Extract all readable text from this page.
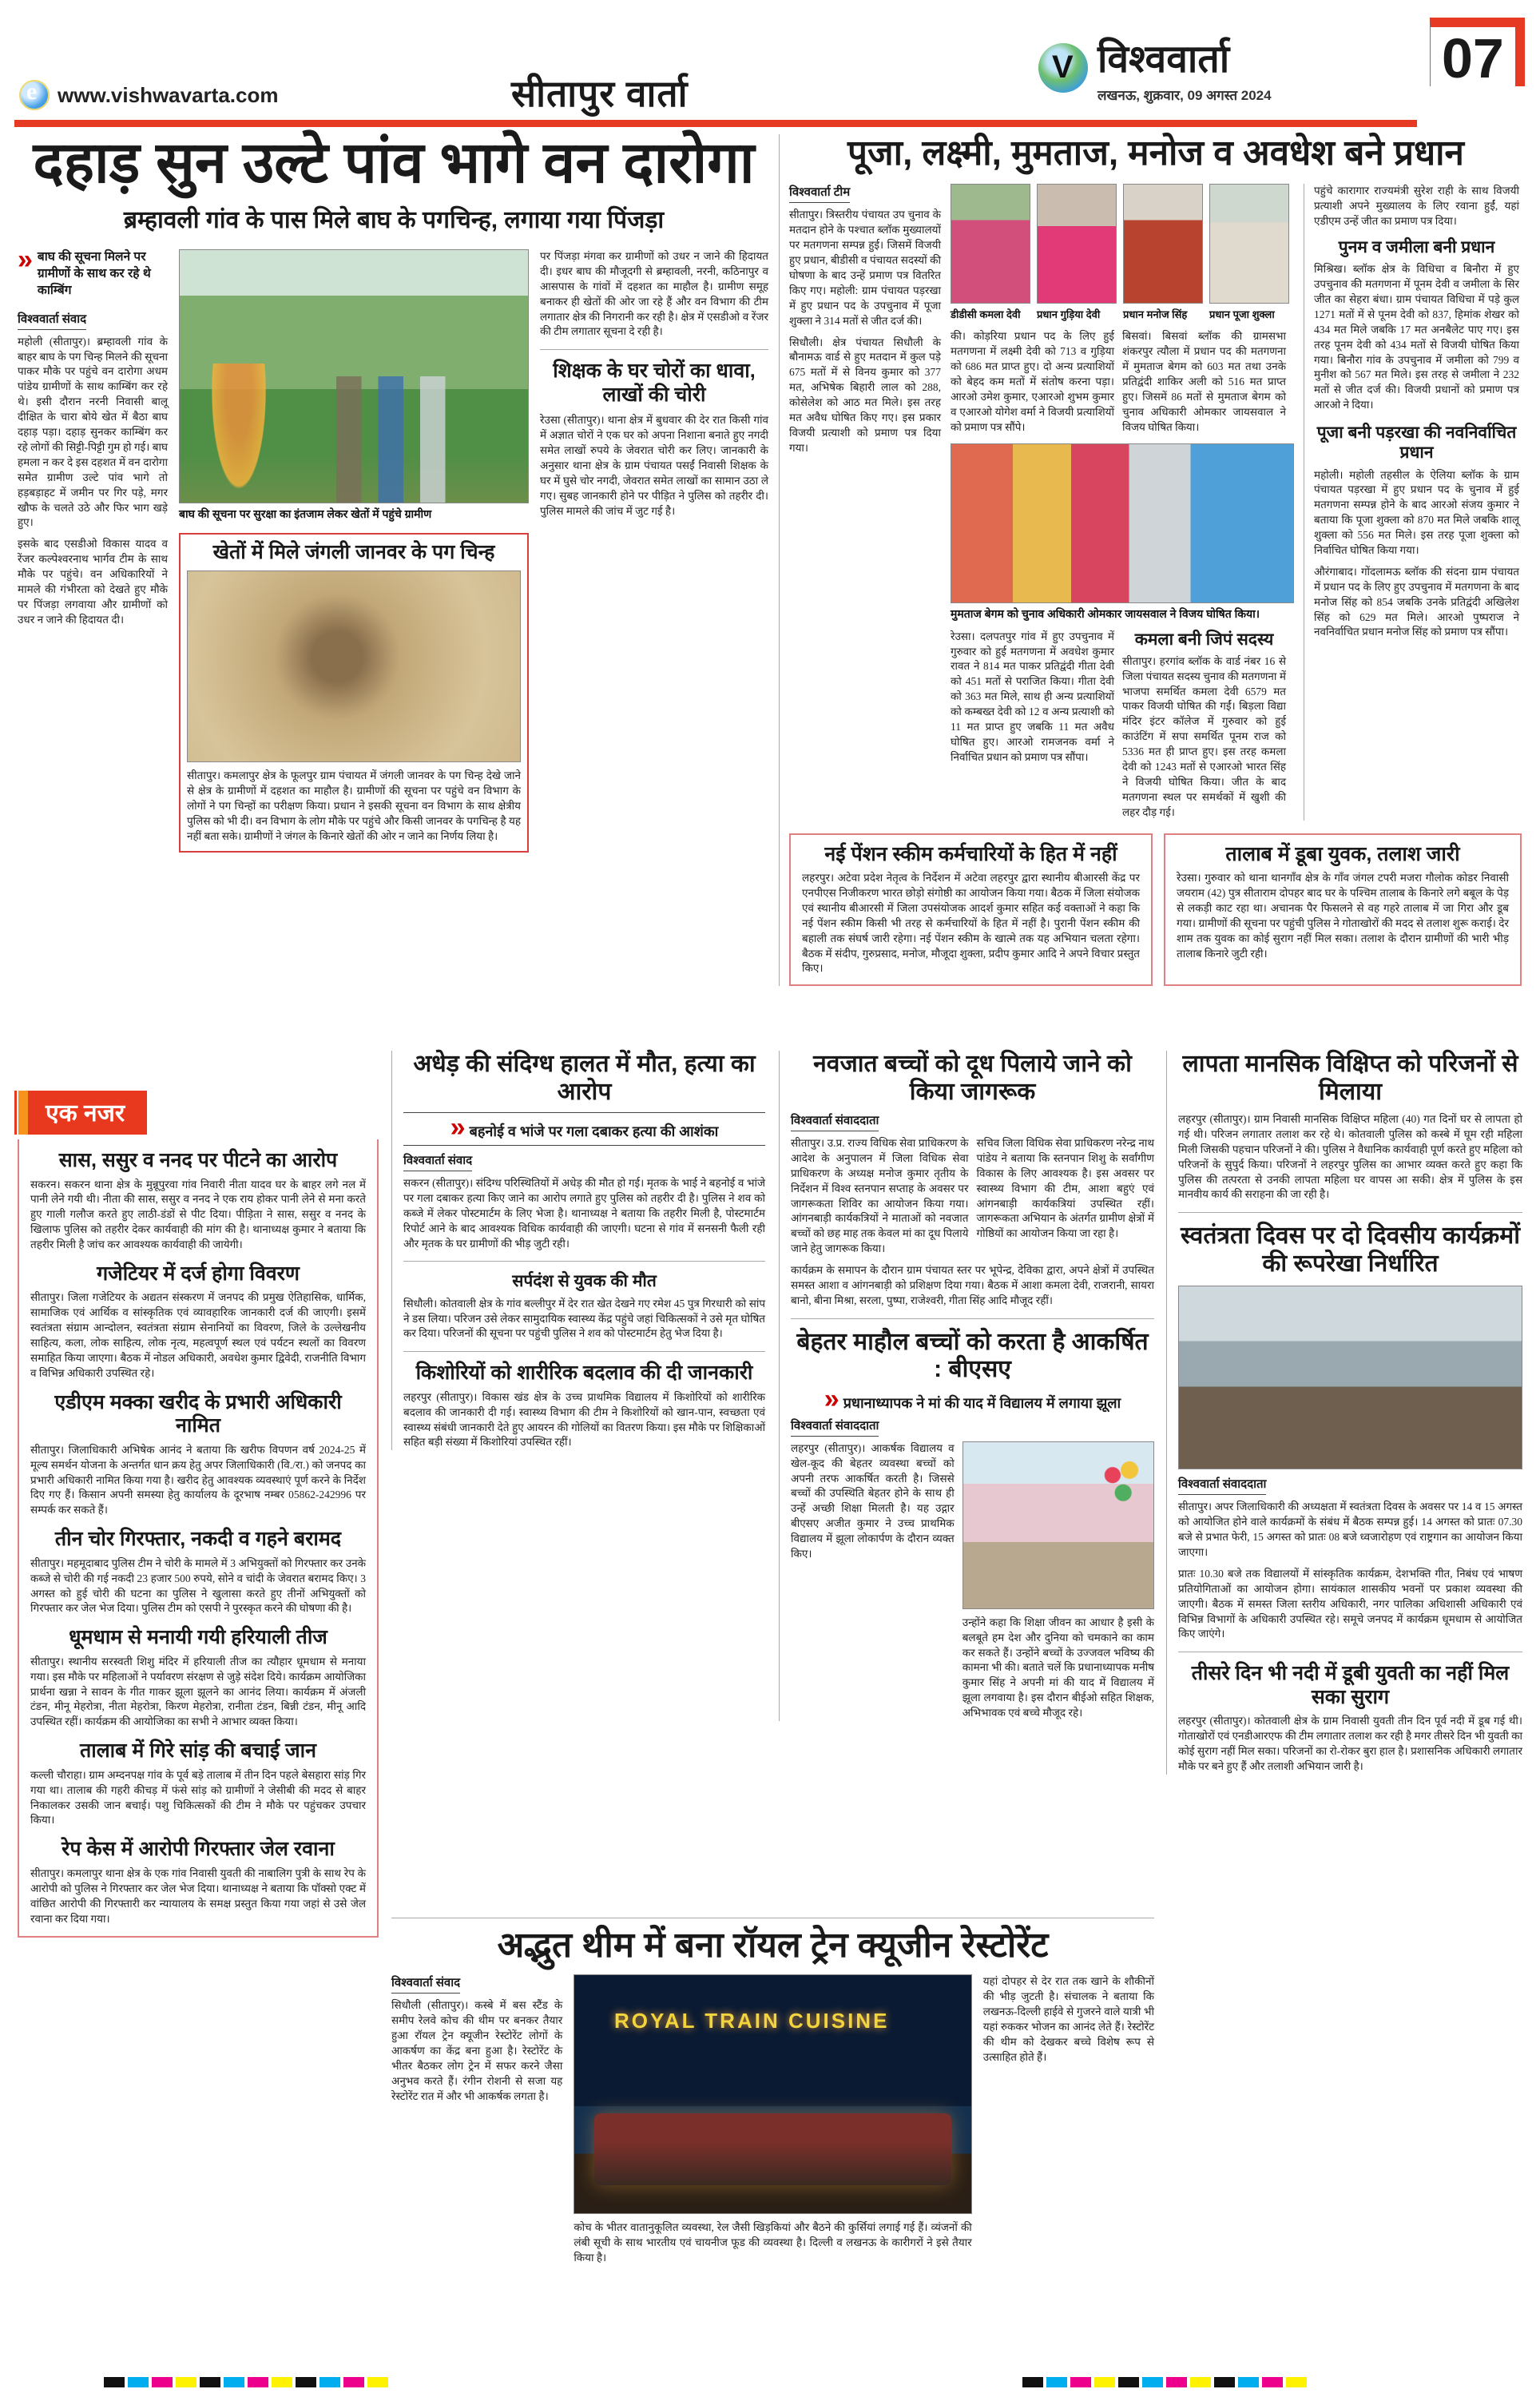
e
www.vishwavarta.com	सीतापुर वार्ता
V
विश्ववार्ता
लखनऊ, शुक्रवार, 09 अगस्त 2024
07
दहाड़ सुन उल्टे पांव भागे वन दारोगा
ब्रम्हावली गांव के पास मिले बाघ के पगचिन्ह, लगाया गया पिंजड़ा
» बाघ की सूचना मिलने पर ग्रामीणों के साथ कर रहे थे काम्बिंग
विश्ववार्ता संवाद
महोली (सीतापुर)। ब्रम्हावली गांव के बाहर बाघ के पग चिन्ह मिलने की सूचना पाकर मौके पर पहुंचे वन दारोगा अधम पांडेय ग्रामीणों के साथ काम्बिंग कर रहे थे। इसी दौरान नरनी निवासी बालू दीक्षित के चारा बोये खेत में बैठा बाघ दहाड़ पड़ा। दहाड़ सुनकर काम्बिंग कर रहे लोगों की सिट्टी-पिट्टी गुम हो गई। बाघ हमला न कर दे इस दहशत में वन दारोगा समेत ग्रामीण उल्टे पांव भागे तो हड़बड़ाहट में जमीन पर गिर पड़े, मगर खौफ के चलते उठे और फिर भाग खड़े हुए।
इसके बाद एसडीओ विकास यादव व रेंजर कल्पेश्वरनाथ भार्गव टीम के साथ मौके पर पहुंचे। वन अधिकारियों ने मामले की गंभीरता को देखते हुए मौके पर पिंजड़ा लगवाया और ग्रामीणों को उधर न जाने की हिदायत दी।
बाघ की सूचना पर सुरक्षा का इंतजाम लेकर खेतों में पहुंचे ग्रामीण
खेतों में मिले जंगली जानवर के पग चिन्ह
सीतापुर। कमलापुर क्षेत्र के फूलपुर ग्राम पंचायत में जंगली जानवर के पग चिन्ह देखे जाने से क्षेत्र के ग्रामीणों में दहशत का माहौल है। ग्रामीणों की सूचना पर पहुंचे वन विभाग के लोगों ने पग चिन्हों का परीक्षण किया। प्रधान ने इसकी सूचना वन विभाग के साथ क्षेत्रीय पुलिस को भी दी। वन विभाग के लोग मौके पर पहुंचे और किसी जानवर के पगचिन्ह है यह नहीं बता सके। ग्रामीणों ने जंगल के किनारे खेतों की ओर न जाने का निर्णय लिया है।
पर पिंजड़ा मंगवा कर ग्रामीणों को उधर न जाने की हिदायत दी। इधर बाघ की मौजूदगी से ब्रम्हावली, नरनी, कठिनापुर व आसपास के गांवों में दहशत का माहौल है। ग्रामीण समूह बनाकर ही खेतों की ओर जा रहे हैं और वन विभाग की टीम लगातार क्षेत्र की निगरानी कर रही है। क्षेत्र में एसडीओ व रेंजर की टीम लगातार सूचना दे रही है।
शिक्षक के घर चोरों का धावा, लाखों की चोरी
रेउसा (सीतापुर)। थाना क्षेत्र में बुधवार की देर रात किसी गांव में अज्ञात चोरों ने एक घर को अपना निशाना बनाते हुए नगदी समेत लाखों रुपये के जेवरात चोरी कर लिए। जानकारी के अनुसार थाना क्षेत्र के ग्राम पंचायत पसईं निवासी शिक्षक के घर में घुसे चोर नगदी, जेवरात समेत लाखों का सामान उठा ले गए। सुबह जानकारी होने पर पीड़ित ने पुलिस को तहरीर दी। पुलिस मामले की जांच में जुट गई है।
पूजा, लक्ष्मी, मुमताज, मनोज व अवधेश बने प्रधान
विश्ववार्ता टीम
सीतापुर। त्रिस्तरीय पंचायत उप चुनाव के मतदान होने के पश्चात ब्लॉक मुख्यालयों पर मतगणना सम्पन्न हुई। जिसमें विजयी हुए प्रधान, बीडीसी व पंचायत सदस्यों की घोषणा के बाद उन्हें प्रमाण पत्र वितरित किए गए। महोली: ग्राम पंचायत पड़रखा में हुए प्रधान पद के उपचुनाव में पूजा शुक्ला ने 314 मतों से जीत दर्ज की।
सिधौली। क्षेत्र पंचायत सिधौली के बौनामऊ वार्ड से हुए मतदान में कुल पड़े 675 मतों में से विनय कुमार को 377 मत, अभिषेक बिहारी लाल को 288, कोसेलेश को आठ मत मिले। इस तरह मत अवैध घोषित किए गए। इस प्रकार विजयी प्रत्याशी को प्रमाण पत्र दिया गया।
डीडीसी कमला देवी	प्रधान गुड़िया देवी	प्रधान मनोज सिंह	प्रधान पूजा शुक्ला
की। कोड़रिया प्रधान पद के लिए हुई मतगणना में लक्ष्मी देवी को 713 व गुड़िया को 686 मत प्राप्त हुए। दो अन्य प्रत्याशियों को बेहद कम मतों में संतोष करना पड़ा। आरओ उमेश कुमार, एआरओ शुभम कुमार व एआरओ योगेश वर्मा ने विजयी प्रत्याशियों को प्रमाण पत्र सौंपे।
बिसवां। बिसवां ब्लॉक की ग्रामसभा शंकरपुर त्यौला में प्रधान पद की मतगणना में मुमताज बेगम को 603 मत तथा उनके प्रतिद्वंदी शाकिर अली को 516 मत प्राप्त हुए। जिसमें 86 मतों से मुमताज बेगम को चुनाव अधिकारी ओमकार जायसवाल ने विजय घोषित किया।
मुमताज बेगम को चुनाव अधिकारी ओमकार जायसवाल ने विजय घोषित किया।
रेउसा। दलपतपुर गांव में हुए उपचुनाव में गुरुवार को हुई मतगणना में अवधेश कुमार रावत ने 814 मत पाकर प्रतिद्वंदी गीता देवी को 451 मतों से पराजित किया। गीता देवी को 363 मत मिले, साथ ही अन्य प्रत्याशियों को कम्बख्त देवी को 12 व अन्य प्रत्याशी को 11 मत प्राप्त हुए जबकि 11 मत अवैध घोषित हुए। आरओ रामजनक वर्मा ने निर्वाचित प्रधान को प्रमाण पत्र सौंपा।
कमला बनी जिपं सदस्य
सीतापुर। हरगांव ब्लॉक के वार्ड नंबर 16 से जिला पंचायत सदस्य चुनाव की मतगणना में भाजपा समर्थित कमला देवी 6579 मत पाकर विजयी घोषित की गईं। बिड़ला विद्या मंदिर इंटर कॉलेज में गुरुवार को हुई काउंटिंग में सपा समर्थित पूनम राज को 5336 मत ही प्राप्त हुए। इस तरह कमला देवी को 1243 मतों से एआरओ भारत सिंह ने विजयी घोषित किया। जीत के बाद मतगणना स्थल पर समर्थकों में खुशी की लहर दौड़ गई।
पहुंचे कारागार राज्यमंत्री सुरेश राही के साथ विजयी प्रत्याशी अपने मुख्यालय के लिए रवाना हुईं, यहां एडीएम उन्हें जीत का प्रमाण पत्र दिया।
पुनम व जमीला बनी प्रधान
मिश्रिख। ब्लॉक क्षेत्र के विधिचा व बिनौरा में हुए उपचुनाव की मतगणना में पूनम देवी व जमीला के सिर जीत का सेहरा बंधा। ग्राम पंचायत विधिचा में पड़े कुल 1271 मतों में से पूनम देवी को 837, हिमांक शेखर को 434 मत मिले जबकि 17 मत अनबैलेट पाए गए। इस तरह पूनम देवी को 434 मतों से विजयी घोषित किया गया। बिनौरा गांव के उपचुनाव में जमीला को 799 व मुनीश को 567 मत मिले। इस तरह से जमीला ने 232 मतों से जीत दर्ज की। विजयी प्रधानों को प्रमाण पत्र आरओ ने दिया।
पूजा बनी पड़रखा की नवनिर्वाचित प्रधान
महोली। महोली तहसील के ऐलिया ब्लॉक के ग्राम पंचायत पड़रखा में हुए प्रधान पद के चुनाव में हुई मतगणना सम्पन्न होने के बाद आरओ संजय कुमार ने बताया कि पूजा शुक्ला को 870 मत मिले जबकि शालू शुक्ला को 556 मत मिले। इस तरह पूजा शुक्ला को निर्वाचित घोषित किया गया।
औरंगाबाद। गोंदलामऊ ब्लॉक की संदना ग्राम पंचायत में प्रधान पद के लिए हुए उपचुनाव में मतगणना के बाद मनोज सिंह को 854 जबकि उनके प्रतिद्वंदी अखिलेश सिंह को 629 मत मिले। आरओ पुष्पराज ने नवनिर्वाचित प्रधान मनोज सिंह को प्रमाण पत्र सौंपा।
नई पेंशन स्कीम कर्मचारियों के हित में नहीं
लहरपुर। अटेवा प्रदेश नेतृत्व के निर्देशन में अटेवा लहरपुर द्वारा स्थानीय बीआरसी केंद्र पर एनपीएस निजीकरण भारत छोड़ो संगोष्ठी का आयोजन किया गया। बैठक में जिला संयोजक एवं स्थानीय बीआरसी में जिला उपसंयोजक आदर्श कुमार सहित कई वक्ताओं ने कहा कि नई पेंशन स्कीम किसी भी तरह से कर्मचारियों के हित में नहीं है। पुरानी पेंशन स्कीम की बहाली तक संघर्ष जारी रहेगा। नई पेंशन स्कीम के खात्मे तक यह अभियान चलता रहेगा। बैठक में संदीप, गुरुप्रसाद, मनोज, मौजूदा शुक्ला, प्रदीप कुमार आदि ने अपने विचार प्रस्तुत किए।
तालाब में डूबा युवक, तलाश जारी
रेउसा। गुरुवार को थाना थानगाँव क्षेत्र के गाँव जंगल टपरी मजरा गौलोक कोडर निवासी जयराम (42) पुत्र सीताराम दोपहर बाद घर के पश्चिम तालाब के किनारे लगे बबूल के पेड़ से लकड़ी काट रहा था। अचानक पैर फिसलने से वह गहरे तालाब में जा गिरा और डूब गया। ग्रामीणों की सूचना पर पहुंची पुलिस ने गोताखोरों की मदद से तलाश शुरू कराई। देर शाम तक युवक का कोई सुराग नहीं मिल सका। तलाश के दौरान ग्रामीणों की भारी भीड़ तालाब किनारे जुटी रही।
एक नजर
सास, ससुर व ननद पर पीटने का आरोप
सकरन। सकरन थाना क्षेत्र के मुन्नूपुरवा गांव निवारी नीता यादव घर के बाहर लगे नल में पानी लेने गयी थी। नीता की सास, ससुर व ननद ने एक राय होकर पानी लेने से मना करते हुए गाली गलौज करते हुए लाठी-डंडों से पीट दिया। पीड़िता ने सास, ससुर व ननद के खिलाफ पुलिस को तहरीर देकर कार्यवाही की मांग की है। थानाध्यक्ष कुमार ने बताया कि तहरीर मिली है जांच कर आवश्यक कार्यवाही की जायेगी।
गजेटियर में दर्ज होगा विवरण
सीतापुर। जिला गजेटियर के अद्यतन संस्करण में जनपद की प्रमुख ऐतिहासिक, धार्मिक, सामाजिक एवं आर्थिक व सांस्कृतिक एवं व्यावहारिक जानकारी दर्ज की जाएगी। इसमें स्वतंत्रता संग्राम आन्दोलन, स्वतंत्रता संग्राम सेनानियों का विवरण, जिले के उल्लेखनीय साहित्य, कला, लोक साहित्य, लोक नृत्य, महत्वपूर्ण स्थल एवं पर्यटन स्थलों का विवरण समाहित किया जाएगा। बैठक में नोडल अधिकारी, अवधेश कुमार द्विवेदी, राजनीति विभाग व विभिन्न अधिकारी उपस्थित रहे।
एडीएम मक्का खरीद के प्रभारी अधिकारी नामित
सीतापुर। जिलाधिकारी अभिषेक आनंद ने बताया कि खरीफ विपणन वर्ष 2024-25 में मूल्य समर्थन योजना के अन्तर्गत धान क्रय हेतु अपर जिलाधिकारी (वि./रा.) को जनपद का प्रभारी अधिकारी नामित किया गया है। खरीद हेतु आवश्यक व्यवस्थाएं पूर्ण करने के निर्देश दिए गए हैं। किसान अपनी समस्या हेतु कार्यालय के दूरभाष नम्बर 05862-242996 पर सम्पर्क कर सकते हैं।
तीन चोर गिरफ्तार, नकदी व गहने बरामद
सीतापुर। महमूदाबाद पुलिस टीम ने चोरी के मामले में 3 अभियुक्तों को गिरफ्तार कर उनके कब्जे से चोरी की गई नकदी 23 हजार 500 रुपये, सोने व चांदी के जेवरात बरामद किए। 3 अगस्त को हुई चोरी की घटना का पुलिस ने खुलासा करते हुए तीनों अभियुक्तों को गिरफ्तार कर जेल भेज दिया। पुलिस टीम को एसपी ने पुरस्कृत करने की घोषणा की है।
धूमधाम से मनायी गयी हरियाली तीज
सीतापुर। स्थानीय सरस्वती शिशु मंदिर में हरियाली तीज का त्यौहार धूमधाम से मनाया गया। इस मौके पर महिलाओं ने पर्यावरण संरक्षण से जुड़े संदेश दिये। कार्यक्रम आयोजिका प्रार्थना खन्ना ने सावन के गीत गाकर झूला झूलने का आनंद लिया। कार्यक्रम में अंजली टंडन, मीनू मेहरोत्रा, नीता मेहरोत्रा, किरण मेहरोत्रा, रानीता टंडन, बिन्नी टंडन, मीनू आदि उपस्थित रहीं। कार्यक्रम की आयोजिका का सभी ने आभार व्यक्त किया।
तालाब में गिरे सांड़ की बचाई जान
कल्ली चौराहा। ग्राम अम्दनपक्ष गांव के पूर्व बड़े तालाब में तीन दिन पहले बेसहारा सांड़ गिर गया था। तालाब की गहरी कीचड़ में फंसे सांड़ को ग्रामीणों ने जेसीबी की मदद से बाहर निकालकर उसकी जान बचाई। पशु चिकित्सकों की टीम ने मौके पर पहुंचकर उपचार किया।
रेप केस में आरोपी गिरफ्तार जेल रवाना
सीतापुर। कमलापुर थाना क्षेत्र के एक गांव निवासी युवती की नाबालिग पुत्री के साथ रेप के आरोपी को पुलिस ने गिरफ्तार कर जेल भेज दिया। थानाध्यक्ष ने बताया कि पॉक्सो एक्ट में वांछित आरोपी की गिरफ्तारी कर न्यायालय के समक्ष प्रस्तुत किया गया जहां से उसे जेल रवाना कर दिया गया।
अधेड़ की संदिग्ध हालत में मौत, हत्या का आरोप
» बहनोई व भांजे पर गला दबाकर हत्या की आशंका
विश्ववार्ता संवाद
सकरन (सीतापुर)। संदिग्ध परिस्थितियों में अधेड़ की मौत हो गई। मृतक के भाई ने बहनोई व भांजे पर गला दबाकर हत्या किए जाने का आरोप लगाते हुए पुलिस को तहरीर दी है। पुलिस ने शव को कब्जे में लेकर पोस्टमार्टम के लिए भेजा है। थानाध्यक्ष ने बताया कि तहरीर मिली है, पोस्टमार्टम रिपोर्ट आने के बाद आवश्यक विधिक कार्यवाही की जाएगी। घटना से गांव में सनसनी फैली रही और मृतक के घर ग्रामीणों की भीड़ जुटी रही।
सर्पदंश से युवक की मौत
सिधौली। कोतवाली क्षेत्र के गांव बल्लीपुर में देर रात खेत देखने गए रमेश 45 पुत्र गिरधारी को सांप ने डस लिया। परिजन उसे लेकर सामुदायिक स्वास्थ्य केंद्र पहुंचे जहां चिकित्सकों ने उसे मृत घोषित कर दिया। परिजनों की सूचना पर पहुंची पुलिस ने शव को पोस्टमार्टम हेतु भेज दिया है।
किशोरियों को शारीरिक बदलाव की दी जानकारी
लहरपुर (सीतापुर)। विकास खंड क्षेत्र के उच्च प्राथमिक विद्यालय में किशोरियों को शारीरिक बदलाव की जानकारी दी गई। स्वास्थ्य विभाग की टीम ने किशोरियों को खान-पान, स्वच्छता एवं स्वास्थ्य संबंधी जानकारी देते हुए आयरन की गोलियों का वितरण किया। इस मौके पर शिक्षिकाओं सहित बड़ी संख्या में किशोरियां उपस्थित रहीं।
नवजात बच्चों को दूध पिलाये जाने को किया जागरूक
विश्ववार्ता संवाददाता
सीतापुर। उ.प्र. राज्य विधिक सेवा प्राधिकरण के आदेश के अनुपालन में जिला विधिक सेवा प्राधिकरण के अध्यक्ष मनोज कुमार तृतीय के निर्देशन में विश्व स्तनपान सप्ताह के अवसर पर जागरूकता शिविर का आयोजन किया गया। आंगनबाड़ी कार्यकत्रियों ने माताओं को नवजात बच्चों को छह माह तक केवल मां का दूध पिलाये जाने हेतु जागरूक किया।
सचिव जिला विधिक सेवा प्राधिकरण नरेन्द्र नाथ पांडेय ने बताया कि स्तनपान शिशु के सर्वांगीण विकास के लिए आवश्यक है। इस अवसर पर स्वास्थ्य विभाग की टीम, आशा बहुएं एवं आंगनबाड़ी कार्यकत्रियां उपस्थित रहीं। जागरूकता अभियान के अंतर्गत ग्रामीण क्षेत्रों में गोष्ठियों का आयोजन किया जा रहा है।
कार्यक्रम के समापन के दौरान ग्राम पंचायत स्तर पर भूपेन्द्र, देविका द्वारा, अपने क्षेत्रों में उपस्थित समस्त आशा व आंगनबाड़ी को प्रशिक्षण दिया गया। बैठक में आशा कमला देवी, राजरानी, सायरा बानो, बीना मिश्रा, सरला, पुष्पा, राजेश्वरी, गीता सिंह आदि मौजूद रहीं।
बेहतर माहौल बच्चों को करता है आकर्षित : बीएसए
» प्रधानाध्यापक ने मां की याद में विद्यालय में लगाया झूला
विश्ववार्ता संवाददाता
लहरपुर (सीतापुर)। आकर्षक विद्यालय व खेल-कूद की बेहतर व्यवस्था बच्चों को अपनी तरफ आकर्षित करती है। जिससे बच्चों की उपस्थिति बेहतर होने के साथ ही उन्हें अच्छी शिक्षा मिलती है। यह उद्गार बीएसए अजीत कुमार ने उच्च प्राथमिक विद्यालय में झूला लोकार्पण के दौरान व्यक्त किए।
उन्होंने कहा कि शिक्षा जीवन का आधार है इसी के बलबूते हम देश और दुनिया को चमकाने का काम कर सकते हैं। उन्होंने बच्चों के उज्जवल भविष्य की कामना भी की। बताते चलें कि प्रधानाध्यापक मनीष कुमार सिंह ने अपनी मां की याद में विद्यालय में झूला लगवाया है। इस दौरान बीईओ सहित शिक्षक, अभिभावक एवं बच्चे मौजूद रहे।
लापता मानसिक विक्षिप्त को परिजनों से मिलाया
लहरपुर (सीतापुर)। ग्राम निवासी मानसिक विक्षिप्त महिला (40) गत दिनों घर से लापता हो गई थी। परिजन लगातार तलाश कर रहे थे। कोतवाली पुलिस को कस्बे में घूम रही महिला मिली जिसकी पहचान परिजनों ने की। पुलिस ने वैधानिक कार्यवाही पूर्ण करते हुए महिला को परिजनों के सुपुर्द किया। परिजनों ने लहरपुर पुलिस का आभार व्यक्त करते हुए कहा कि पुलिस की तत्परता से उनकी लापता महिला घर वापस आ सकी। क्षेत्र में पुलिस के इस मानवीय कार्य की सराहना की जा रही है।
स्वतंत्रता दिवस पर दो दिवसीय कार्यक्रमों की रूपरेखा निर्धारित
विश्ववार्ता संवाददाता
सीतापुर। अपर जिलाधिकारी की अध्यक्षता में स्वतंत्रता दिवस के अवसर पर 14 व 15 अगस्त को आयोजित होने वाले कार्यक्रमों के संबंध में बैठक सम्पन्न हुई। 14 अगस्त को प्रातः 07.30 बजे से प्रभात फेरी, 15 अगस्त को प्रातः 08 बजे ध्वजारोहण एवं राष्ट्रगान का आयोजन किया जाएगा।
प्रातः 10.30 बजे तक विद्यालयों में सांस्कृतिक कार्यक्रम, देशभक्ति गीत, निबंध एवं भाषण प्रतियोगिताओं का आयोजन होगा। सायंकाल शासकीय भवनों पर प्रकाश व्यवस्था की जाएगी। बैठक में समस्त जिला स्तरीय अधिकारी, नगर पालिका अधिशासी अधिकारी एवं विभिन्न विभागों के अधिकारी उपस्थित रहे। समूचे जनपद में कार्यक्रम धूमधाम से आयोजित किए जाएंगे।
तीसरे दिन भी नदी में डूबी युवती का नहीं मिल सका सुराग
लहरपुर (सीतापुर)। कोतवाली क्षेत्र के ग्राम निवासी युवती तीन दिन पूर्व नदी में डूब गई थी। गोताखोरों एवं एनडीआरएफ की टीम लगातार तलाश कर रही है मगर तीसरे दिन भी युवती का कोई सुराग नहीं मिल सका। परिजनों का रो-रोकर बुरा हाल है। प्रशासनिक अधिकारी लगातार मौके पर बने हुए हैं और तलाशी अभियान जारी है।
अद्भुत थीम में बना रॉयल ट्रेन क्यूजीन रेस्टोरेंट
विश्ववार्ता संवाद
सिधौली (सीतापुर)। कस्बे में बस स्टैंड के समीप रेलवे कोच की थीम पर बनकर तैयार हुआ रॉयल ट्रेन क्यूजीन रेस्टोरेंट लोगों के आकर्षण का केंद्र बना हुआ है। रेस्टोरेंट के भीतर बैठकर लोग ट्रेन में सफर करने जैसा अनुभव करते हैं। रंगीन रोशनी से सजा यह रेस्टोरेंट रात में और भी आकर्षक लगता है।
ROYAL TRAIN CUISINE
कोच के भीतर वातानुकूलित व्यवस्था, रेल जैसी खिड़कियां और बैठने की कुर्सियां लगाई गई हैं। व्यंजनों की लंबी सूची के साथ भारतीय एवं चायनीज फूड की व्यवस्था है। दिल्ली व लखनऊ के कारीगरों ने इसे तैयार किया है।
यहां दोपहर से देर रात तक खाने के शौकीनों की भीड़ जुटती है। संचालक ने बताया कि लखनऊ-दिल्ली हाईवे से गुजरने वाले यात्री भी यहां रुककर भोजन का आनंद लेते हैं। रेस्टोरेंट की थीम को देखकर बच्चे विशेष रूप से उत्साहित होते हैं।
